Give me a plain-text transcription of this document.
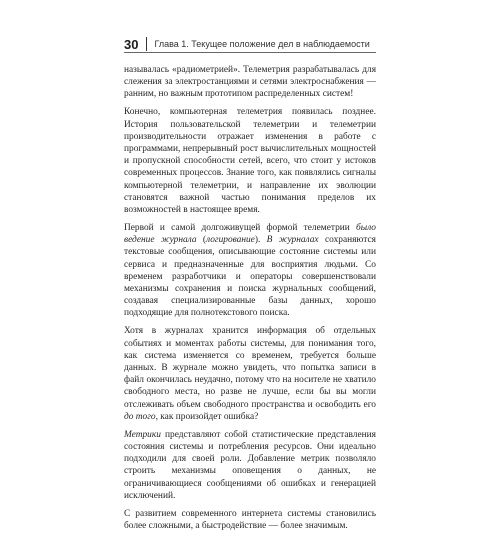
30 Глава 1. Текущее положение дел в наблюдаемости

называлась «радиометрией». Телеметрия разрабатывалась для слежения за электростанциями и сетями электроснабжения — ранним, но важным прототипом распределенных систем!

Конечно, компьютерная телеметрия появилась позднее. История пользовательской телеметрии и телеметрии производительности отражает изменения в работе с программами, непрерывный рост вычислительных мощностей и пропускной способности сетей, всего, что стоит у истоков современных процессов. Знание того, как появлялись сигналы компьютерной телеметрии, и направление их эволюции становятся важной частью понимания пределов их возможностей в настоящее время.

Первой и самой долгоживущей формой телеметрии было ведение журнала (логирование). В журналах сохраняются текстовые сообщения, описывающие состояние системы или сервиса и предназначенные для восприятия людьми. Со временем разработчики и операторы совершенствовали механизмы сохранения и поиска журнальных сообщений, создавая специализированные базы данных, хорошо подходящие для полнотекстового поиска.

Хотя в журналах хранится информация об отдельных событиях и моментах работы системы, для понимания того, как система изменяется со временем, требуется больше данных. В журнале можно увидеть, что попытка записи в файл окончилась неудачно, потому что на носителе не хватило свободного места, но разве не лучше, если бы вы могли отслеживать объем свободного пространства и освободить его до того, как произойдет ошибка?

Метрики представляют собой статистические представления состояния системы и потребления ресурсов. Они идеально подходили для своей роли. Добавление метрик позволяло строить механизмы оповещения о данных, не ограничивающиеся сообщениями об ошибках и генерацией исключений.

С развитием современного интернета системы становились более сложными, а быстродействие — более значимым.
